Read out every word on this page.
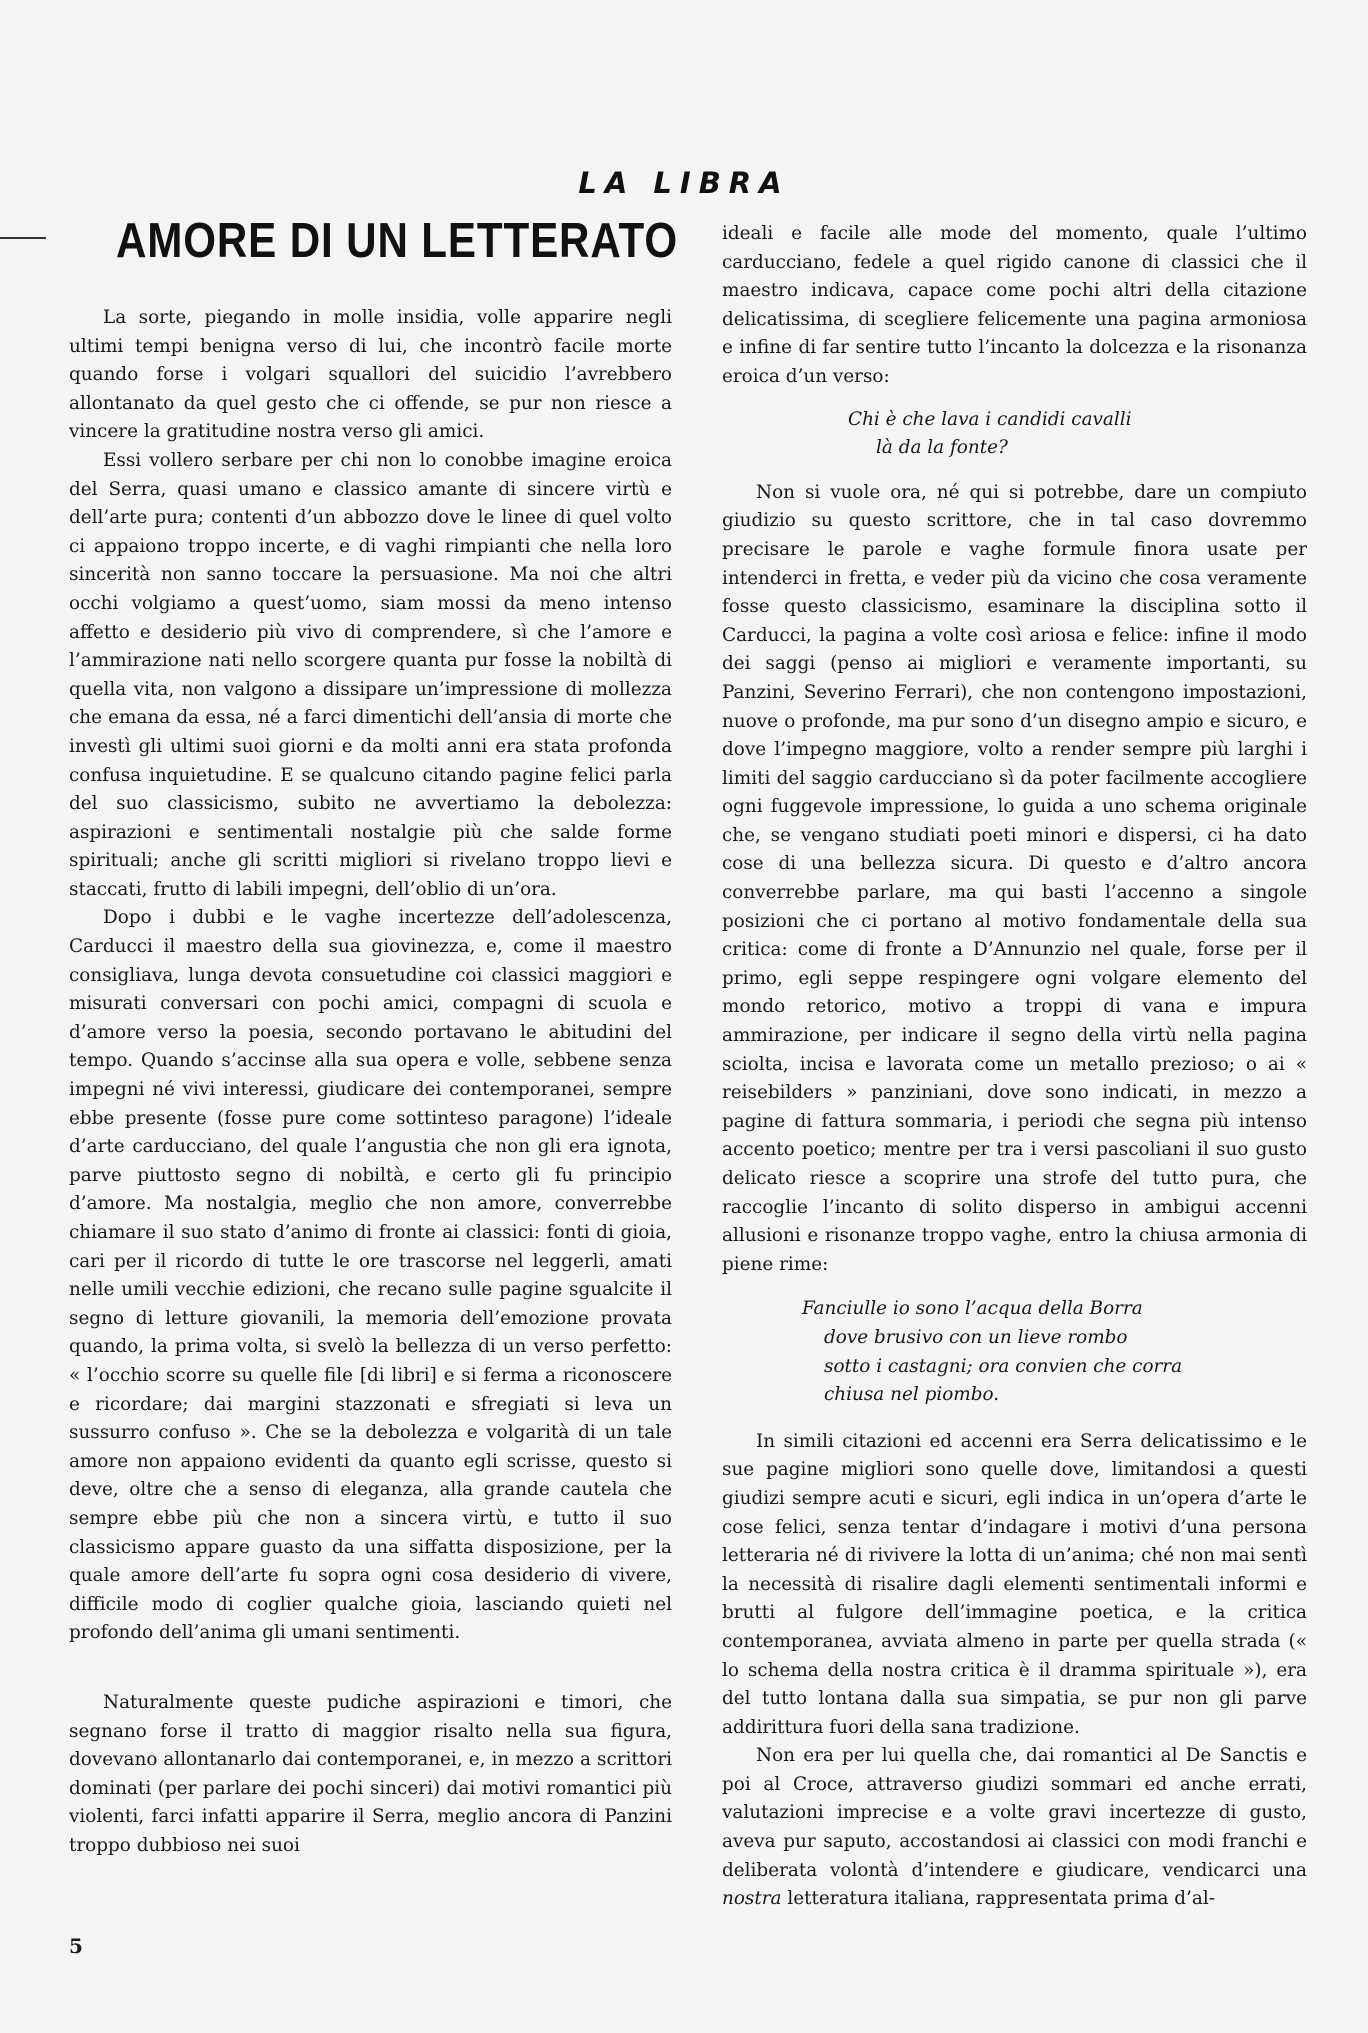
LA LIBRA
AMORE DI UN LETTERATO

La sorte, piegando in molle insidia, volle apparire negli ultimi tempi benigna verso di lui, che incontrò facile morte quando forse i volgari squallori del suicidio l’avrebbero allontanato da quel gesto che ci offende, se pur non riesce a vincere la gratitudine nostra verso gli amici.

Essi vollero serbare per chi non lo conobbe imagine eroica del Serra, quasi umano e classico amante di sincere virtù e dell’arte pura; contenti d’un abbozzo dove le linee di quel volto ci appaiono troppo incerte, e di vaghi rimpianti che nella loro sincerità non sanno toccare la persuasione. Ma noi che altri occhi volgiamo a quest’uomo, siam mossi da meno intenso affetto e desiderio più vivo di comprendere, sì che l’amore e l’ammirazione nati nello scorgere quanta pur fosse la nobiltà di quella vita, non valgono a dissipare un’impressione di mollezza che emana da essa, né a farci dimentichi dell’ansia di morte che investì gli ultimi suoi giorni e da molti anni era stata profonda confusa inquietudine. E se qualcuno citando pagine felici parla del suo classicismo, subito ne avvertiamo la debolezza: aspirazioni e sentimentali nostalgie più che salde forme spirituali; anche gli scritti migliori si rivelano troppo lievi e staccati, frutto di labili impegni, dell’oblio di un’ora.

Dopo i dubbi e le vaghe incertezze dell’adolescenza, Carducci il maestro della sua giovinezza, e, come il maestro consigliava, lunga devota consuetudine coi classici maggiori e misurati conversari con pochi amici, compagni di scuola e d’amore verso la poesia, secondo portavano le abitudini del tempo. Quando s’accinse alla sua opera e volle, sebbene senza impegni né vivi interessi, giudicare dei contemporanei, sempre ebbe presente (fosse pure come sottinteso paragone) l’ideale d’arte carducciano, del quale l’angustia che non gli era ignota, parve piuttosto segno di nobiltà, e certo gli fu principio d’amore. Ma nostalgia, meglio che non amore, converrebbe chiamare il suo stato d’animo di fronte ai classici: fonti di gioia, cari per il ricordo di tutte le ore trascorse nel leggerli, amati nelle umili vecchie edizioni, che recano sulle pagine sgualcite il segno di letture giovanili, la memoria dell’emozione provata quando, la prima volta, si svelò la bellezza di un verso perfetto: « l’occhio scorre su quelle file [di libri] e si ferma a riconoscere e ricordare; dai margini stazzonati e sfregiati si leva un sussurro confuso ». Che se la debolezza e volgarità di un tale amore non appaiono evidenti da quanto egli scrisse, questo si deve, oltre che a senso di eleganza, alla grande cautela che sempre ebbe più che non a sincera virtù, e tutto il suo classicismo appare guasto da una siffatta disposizione, per la quale amore dell’arte fu sopra ogni cosa desiderio di vivere, difficile modo di coglier qualche gioia, lasciando quieti nel profondo dell’anima gli umani sentimenti.

Naturalmente queste pudiche aspirazioni e timori, che segnano forse il tratto di maggior risalto nella sua figura, dovevano allontanarlo dai contemporanei, e, in mezzo a scrittori dominati (per parlare dei pochi sinceri) dai motivi romantici più violenti, farci infatti apparire il Serra, meglio ancora di Panzini troppo dubbioso nei suoi

ideali e facile alle mode del momento, quale l’ultimo carducciano, fedele a quel rigido canone di classici che il maestro indicava, capace come pochi altri della citazione delicatissima, di scegliere felicemente una pagina armoniosa e infine di far sentire tutto l’incanto la dolcezza e la risonanza eroica d’un verso:

Chi è che lava i candidi cavalli
là da la fonte?

Non si vuole ora, né qui si potrebbe, dare un compiuto giudizio su questo scrittore, che in tal caso dovremmo precisare le parole e vaghe formule finora usate per intenderci in fretta, e veder più da vicino che cosa veramente fosse questo classicismo, esaminare la disciplina sotto il Carducci, la pagina a volte così ariosa e felice: infine il modo dei saggi (penso ai migliori e veramente importanti, su Panzini, Severino Ferrari), che non contengono impostazioni, nuove o profonde, ma pur sono d’un disegno ampio e sicuro, e dove l’impegno maggiore, volto a render sempre più larghi i limiti del saggio carducciano sì da poter facilmente accogliere ogni fuggevole impressione, lo guida a uno schema originale che, se vengano studiati poeti minori e dispersi, ci ha dato cose di una bellezza sicura. Di questo e d’altro ancora converrebbe parlare, ma qui basti l’accenno a singole posizioni che ci portano al motivo fondamentale della sua critica: come di fronte a D’Annunzio nel quale, forse per il primo, egli seppe respingere ogni volgare elemento del mondo retorico, motivo a troppi di vana e impura ammirazione, per indicare il segno della virtù nella pagina sciolta, incisa e lavorata come un metallo prezioso; o ai « reisebilders » panziniani, dove sono indicati, in mezzo a pagine di fattura sommaria, i periodi che segna più intenso accento poetico; mentre per tra i versi pascoliani il suo gusto delicato riesce a scoprire una strofe del tutto pura, che raccoglie l’incanto di solito disperso in ambigui accenni allusioni e risonanze troppo vaghe, entro la chiusa armonia di piene rime:

Fanciulle io sono l’acqua della Borra
dove brusivo con un lieve rombo
sotto i castagni; ora convien che corra
chiusa nel piombo.

In simili citazioni ed accenni era Serra delicatissimo e le sue pagine migliori sono quelle dove, limitandosi a questi giudizi sempre acuti e sicuri, egli indica in un’opera d’arte le cose felici, senza tentar d’indagare i motivi d’una persona letteraria né di rivivere la lotta di un’anima; ché non mai sentì la necessità di risalire dagli elementi sentimentali informi e brutti al fulgore dell’immagine poetica, e la critica contemporanea, avviata almeno in parte per quella strada (« lo schema della nostra critica è il dramma spirituale »), era del tutto lontana dalla sua simpatia, se pur non gli parve addirittura fuori della sana tradizione.

Non era per lui quella che, dai romantici al De Sanctis e poi al Croce, attraverso giudizi sommari ed anche errati, valutazioni imprecise e a volte gravi incertezze di gusto, aveva pur saputo, accostandosi ai classici con modi franchi e deliberata volontà d’intendere e giudicare, vendicarci una nostra letteratura italiana, rappresentata prima d’al-

5
